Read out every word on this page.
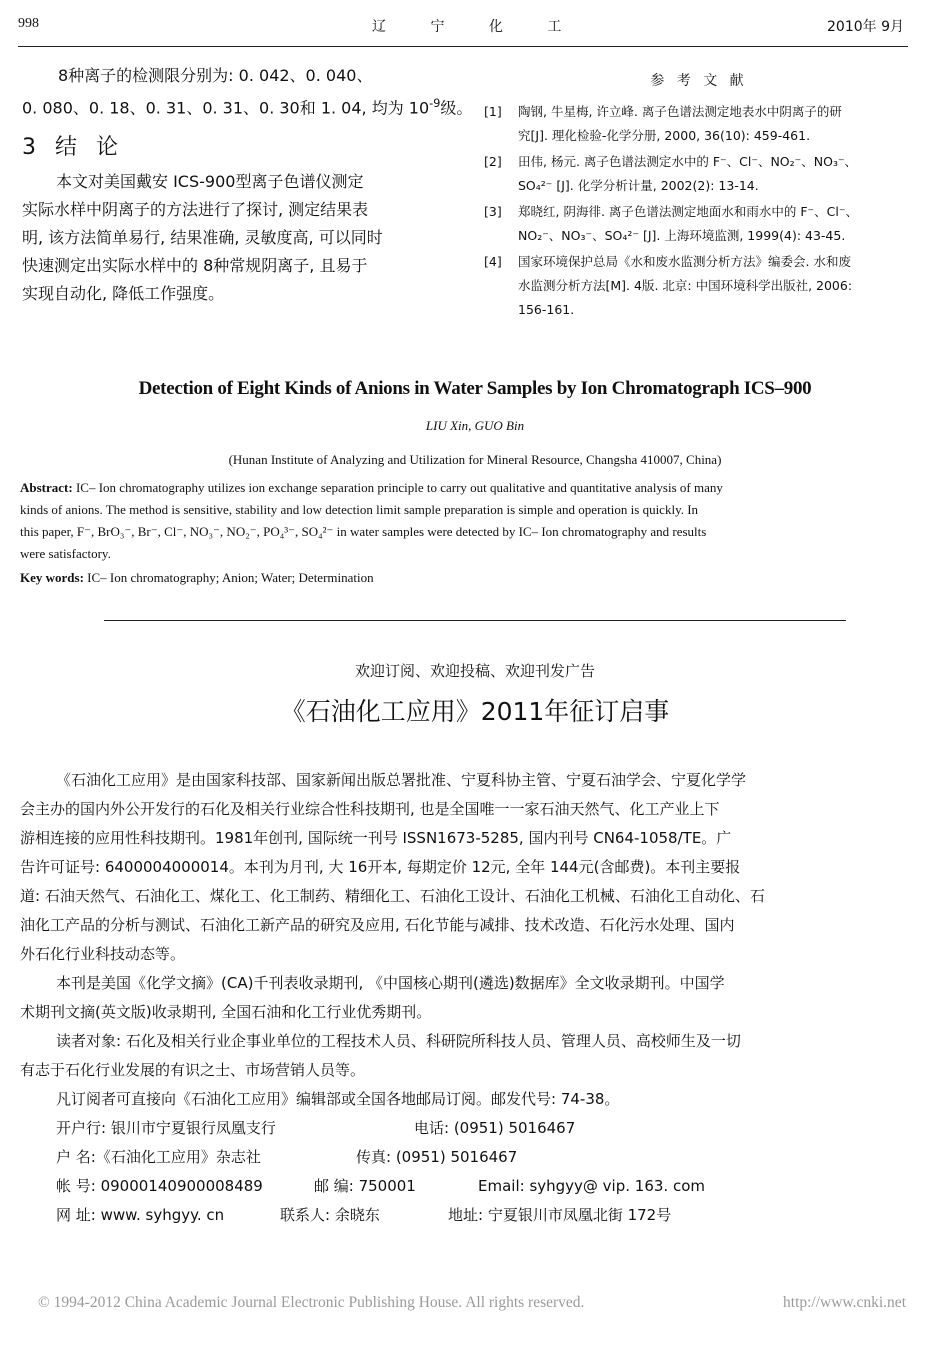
998	辽 宁 化 工	2010年 9月
8种离子的检测限分别为: 0. 042、0. 040、
0. 080、0. 18、0. 31、0. 31、0. 30和 1. 04, 均为 $10^{-9}$级。
3 结 论
本文对美国戴安 ICS-900型离子色谱仪测定
实际水样中阴离子的方法进行了探讨, 测定结果表
明, 该方法简单易行, 结果准确, 灵敏度高, 可以同时
快速测定出实际水样中的 8种常规阴离子, 且易于
实现自动化, 降低工作强度。
参 考 文 献
[1] 陶钢, 牛星梅, 许立峰. 离子色谱法测定地表水中阴离子的研
究[J]. 理化检验-化学分册, 2000, 36(10): 459-461.
[2] 田伟, 杨元. 离子色谱法测定水中的 F⁻、Cl⁻、NO₂⁻、NO₃⁻、
SO₄²⁻ [J]. 化学分析计量, 2002(2): 13-14.
[3] 郑晓红, 阴海徘. 离子色谱法测定地面水和雨水中的 F⁻、Cl⁻、
NO₂⁻、NO₃⁻、SO₄²⁻ [J]. 上海环境监测, 1999(4): 43-45.
[4] 国家环境保护总局《水和废水监测分析方法》编委会. 水和废
水监测分析方法[M]. 4版. 北京: 中国环境科学出版社, 2006:
156-161.
Detection of Eight Kinds of Anions in Water Samples by Ion Chromatograph ICS–900
LIU Xin, GUO Bin
(Hunan Institute of Analyzing and Utilization for Mineral Resource, Changsha 410007, China)
Abstract: IC– Ion chromatography utilizes ion exchange separation principle to carry out qualitative and quantitative analysis of many
kinds of anions. The method is sensitive, stability and low detection limit sample preparation is simple and operation is quickly. In
this paper, F⁻, BrO₃⁻, Br⁻, Cl⁻, NO₃⁻, NO₂⁻, PO₄³⁻, SO₄²⁻ in water samples were detected by IC– Ion chromatography and results
were satisfactory.
Key words: IC– Ion chromatography; Anion; Water; Determination
欢迎订阅、欢迎投稿、欢迎刊发广告
《石油化工应用》2011年征订启事
《石油化工应用》是由国家科技部、国家新闻出版总署批准、宁夏科协主管、宁夏石油学会、宁夏化学学
会主办的国内外公开发行的石化及相关行业综合性科技期刊, 也是全国唯一一家石油天然气、化工产业上下
游相连接的应用性科技期刊。1981年创刊, 国际统一刊号 ISSN1673-5285, 国内刊号 CN64-1058/TE。广
告许可证号: 6400004000014。本刊为月刊, 大 16开本, 每期定价 12元, 全年 144元(含邮费)。本刊主要报
道: 石油天然气、石油化工、煤化工、化工制药、精细化工、石油化工设计、石油化工机械、石油化工自动化、石
油化工产品的分析与测试、石油化工新产品的研究及应用, 石化节能与减排、技术改造、石化污水处理、国内
外石化行业科技动态等。
本刊是美国《化学文摘》(CA)千刊表收录期刊, 《中国核心期刊(遴选)数据库》全文收录期刊。中国学
术期刊文摘(英文版)收录期刊, 全国石油和化工行业优秀期刊。
读者对象: 石化及相关行业企事业单位的工程技术人员、科研院所科技人员、管理人员、高校师生及一切
有志于石化行业发展的有识之士、市场营销人员等。
凡订阅者可直接向《石油化工应用》编辑部或全国各地邮局订阅。邮发代号: 74-38。
开户行: 银川市宁夏银行凤凰支行	电话: (0951) 5016467
户 名:《石油化工应用》杂志社	传真: (0951) 5016467
帐 号: 09000140900008489	邮 编: 750001	Email: syhgyy@ vip. 163. com
网 址: www. syhgyy. cn	联系人: 余晓东	地址: 宁夏银川市凤凰北街 172号
© 1994-2012 China Academic Journal Electronic Publishing House. All rights reserved.	http://www.cnki.net
